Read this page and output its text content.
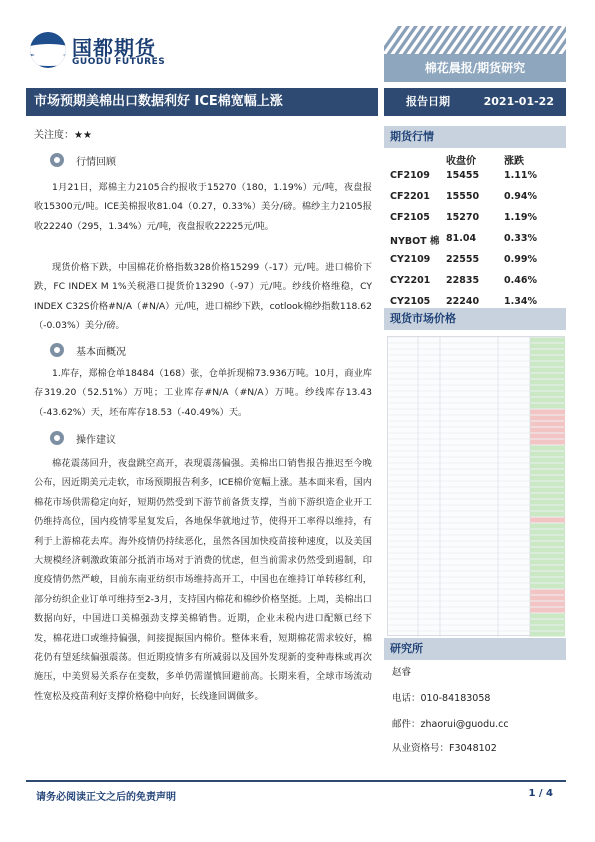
国都期货
GUODU FUTURES	棉花晨报/期货研究
市场预期美棉出口数据利好 ICE棉宽幅上涨	报告日期	2021-01-22
关注度：★★
行情回顾

1月21日，郑棉主力2105合约报收于15270（180，1.19%）元/吨，夜盘报收15300元/吨。ICE美棉报收81.04（0.27，0.33%）美分/磅。棉纱主力2105报收22240（295，1.34%）元/吨，夜盘报收22225元/吨。

现货价格下跌，中国棉花价格指数328价格15299（-17）元/吨。进口棉价下跌，FC INDEX M 1%关税港口提货价13290（-97）元/吨。纱线价格维稳，CY INDEX C32S价格#N/A（#N/A）元/吨，进口棉纱下跌，cotlook棉纱指数118.62（-0.03%）美分/磅。

基本面概况

1.库存，郑棉仓单18484（168）张，仓单折现棉73.936万吨。10月，商业库存319.20（52.51%）万吨；工业库存#N/A（#N/A）万吨。纱线库存13.43（-43.62%）天，坯布库存18.53（-40.49%）天。

操作建议

棉花震荡回升，夜盘跳空高开，表现震荡偏强。美棉出口销售报告推迟至今晚公布，因近期美元走软，市场预期报告利多，ICE棉价宽幅上涨。基本面来看，国内棉花市场供需稳定向好，短期仍然受到下游节前备货支撑，当前下游织造企业开工仍维持高位，国内疫情零星复发后，各地保华就地过节，使得开工率得以维持，有利于上游棉花去库。海外疫情仍持续恶化，虽然各国加快疫苗接种速度，以及美国大规模经济刺激政策部分抵消市场对于消费的忧虑，但当前需求仍然受到遏制，印度疫情仍然严峻，目前东南亚纺织市场维持高开工，中国也在维持订单转移红利，部分纺织企业订单可维持至2-3月，支持国内棉花和棉纱价格坚挺。上周，美棉出口数据向好，中国进口美棉强劲支撑美棉销售。近期，企业未税内进口配额已经下发，棉花进口或维持偏强，间接提振国内棉价。整体来看，短期棉花需求较好，棉花仍有望延续偏强震荡。但近期疫情多有所减弱以及国外发现新的变种毒株或再次施压，中美贸易关系存在变数，多单仍需谨慎回避前高。长期来看，全球市场流动性宽松及疫苗利好支撑价格稳中向好，长线逢回调做多。

期货行情
收盘价	涨跌
CF2109 15455	1.11%
CF2201 15550	0.94%
CF2105 15270	1.19%
NYBOT 棉 81.04	0.33%
CY2109 22555	0.99%
CY2201 22835	0.46%
CY2105 22240	1.34%
现货市场价格
研究所
赵睿
电话：010-84183058
邮件：zhaorui@guodu.cc
从业资格号：F3048102
请务必阅读正文之后的免责声明	1 / 4
